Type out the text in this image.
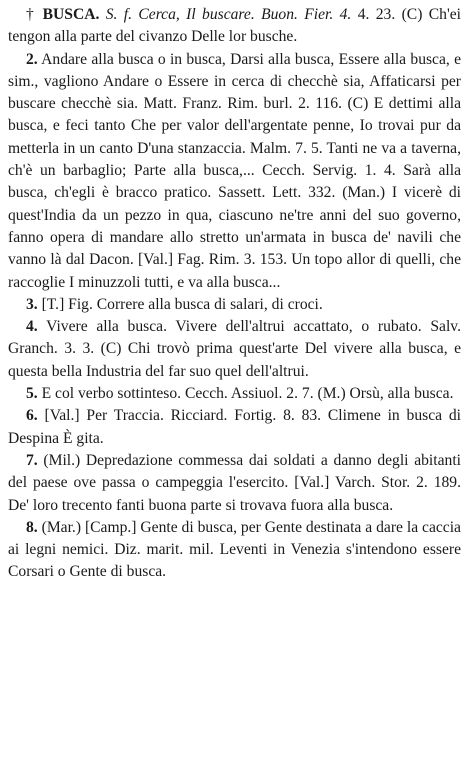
† BUSCA. S. f. Cerca, Il buscare. Buon. Fier. 4. 4. 23. (C) Ch'ei tengon alla parte del civanzo Delle lor busche.

2. Andare alla busca o in busca, Darsi alla busca, Essere alla busca, e sim., vagliono Andare o Essere in cerca di checchè sia, Affaticarsi per buscare checchè sia. Matt. Franz. Rim. burl. 2. 116. (C) E dettimi alla busca, e feci tanto Che per valor dell'argentate penne, Io trovai pur da metterla in un canto D'una stanzaccia. Malm. 7. 5. Tanti ne va a taverna, ch'è un barbaglio; Parte alla busca,... Cecch. Servig. 1. 4. Sarà alla busca, ch'egli è bracco pratico. Sassett. Lett. 332. (Man.) I vicerè di quest'India da un pezzo in qua, ciascuno ne'tre anni del suo governo, fanno opera di mandare allo stretto un'armata in busca de' navili che vanno là dal Dacon. [Val.] Fag. Rim. 3. 153. Un topo allor di quelli, che raccoglie I minuzzoli tutti, e va alla busca...

3. [T.] Fig. Correre alla busca di salari, di croci.

4. Vivere alla busca. Vivere dell'altrui accattato, o rubato. Salv. Granch. 3. 3. (C) Chi trovò prima quest'arte Del vivere alla busca, e questa bella Industria del far suo quel dell'altrui.

5. E col verbo sottinteso. Cecch. Assiuol. 2. 7. (M.) Orsù, alla busca.

6. [Val.] Per Traccia. Ricciard. Fortig. 8. 83. Climene in busca di Despina È gita.

7. (Mil.) Depredazione commessa dai soldati a danno degli abitanti del paese ove passa o campeggia l'esercito. [Val.] Varch. Stor. 2. 189. De' loro trecento fanti buona parte si trovava fuora alla busca.

8. (Mar.) [Camp.] Gente di busca, per Gente destinata a dare la caccia ai legni nemici. Diz. marit. mil. Leventi in Venezia s'intendono essere Corsari o Gente di busca.
